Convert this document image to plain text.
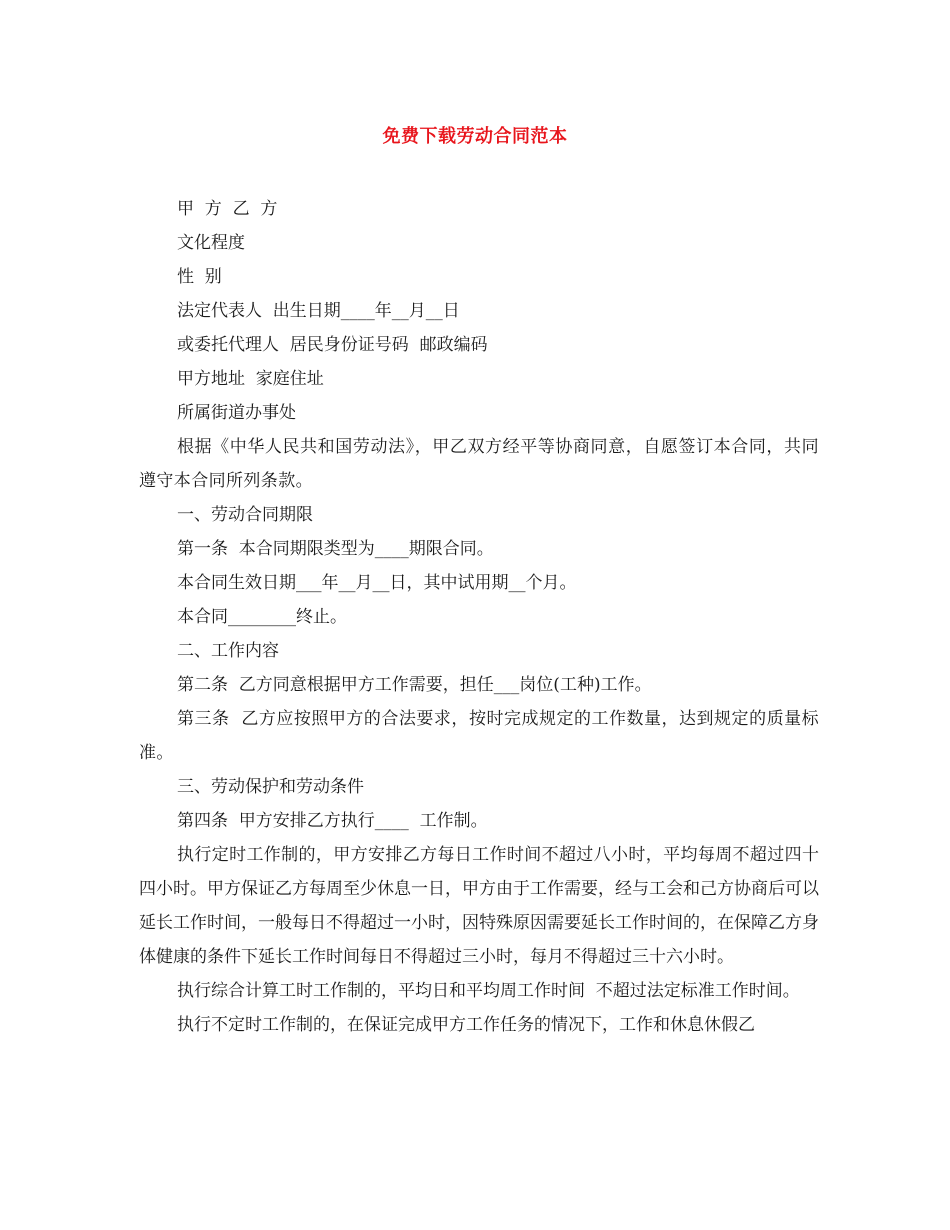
免费下载劳动合同范本

甲  方  乙  方

文化程度

性  别

法定代表人  出生日期____年__月__日

或委托代理人  居民身份证号码  邮政编码

甲方地址  家庭住址

所属街道办事处

根据《中华人民共和国劳动法》，甲乙双方经平等协商同意，自愿签订本合同，共同遵守本合同所列条款。

一、劳动合同期限

第一条  本合同期限类型为____期限合同。

本合同生效日期___年__月__日，其中试用期__个月。

本合同________终止。

二、工作内容

第二条  乙方同意根据甲方工作需要，担任___岗位(工种)工作。

第三条  乙方应按照甲方的合法要求，按时完成规定的工作数量，达到规定的质量标准。

三、劳动保护和劳动条件

第四条  甲方安排乙方执行____  工作制。

执行定时工作制的，甲方安排乙方每日工作时间不超过八小时，平均每周不超过四十四小时。甲方保证乙方每周至少休息一日，甲方由于工作需要，经与工会和己方协商后可以延长工作时间，一般每日不得超过一小时，因特殊原因需要延长工作时间的，在保障乙方身体健康的条件下延长工作时间每日不得超过三小时，每月不得超过三十六小时。

执行综合计算工时工作制的，平均日和平均周工作时间  不超过法定标准工作时间。

执行不定时工作制的，在保证完成甲方工作任务的情况下，工作和休息休假乙
